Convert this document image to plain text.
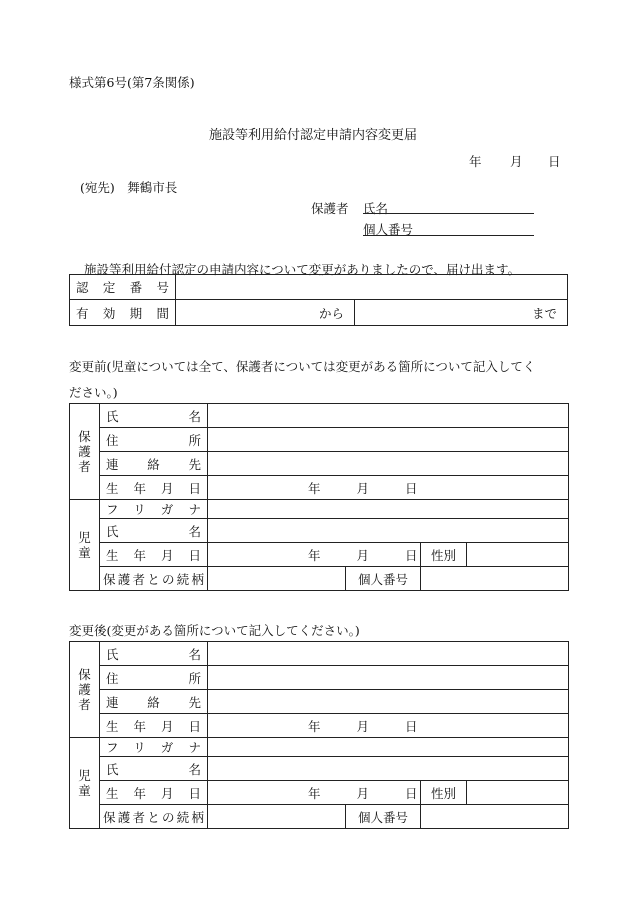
様式第6号(第7条関係)
施設等利用給付認定申請内容変更届
年 月 日
(宛先)　舞鶴市長
保護者 氏名
個人番号
施設等利用給付認定の申請内容について変更がありましたので、届け出ます。
認定番号		
有効期間	から	まで
変更前(児童については全て、保護者については変更がある箇所について記入してく
ださい。)
保
護
者	氏名				
	住所				
	連絡先				
	生年月日	年 月 日			

児
童	フリガナ				
	氏名				
	生年月日	年 月 日		性別	
	保護者との続柄		個人番号		
変更後(変更がある箇所について記入してください。)
保
護
者	氏名				
	住所				
	連絡先				
	生年月日	年 月 日			

児
童	フリガナ				
	氏名				
	生年月日	年 月 日		性別	
	保護者との続柄		個人番号		
